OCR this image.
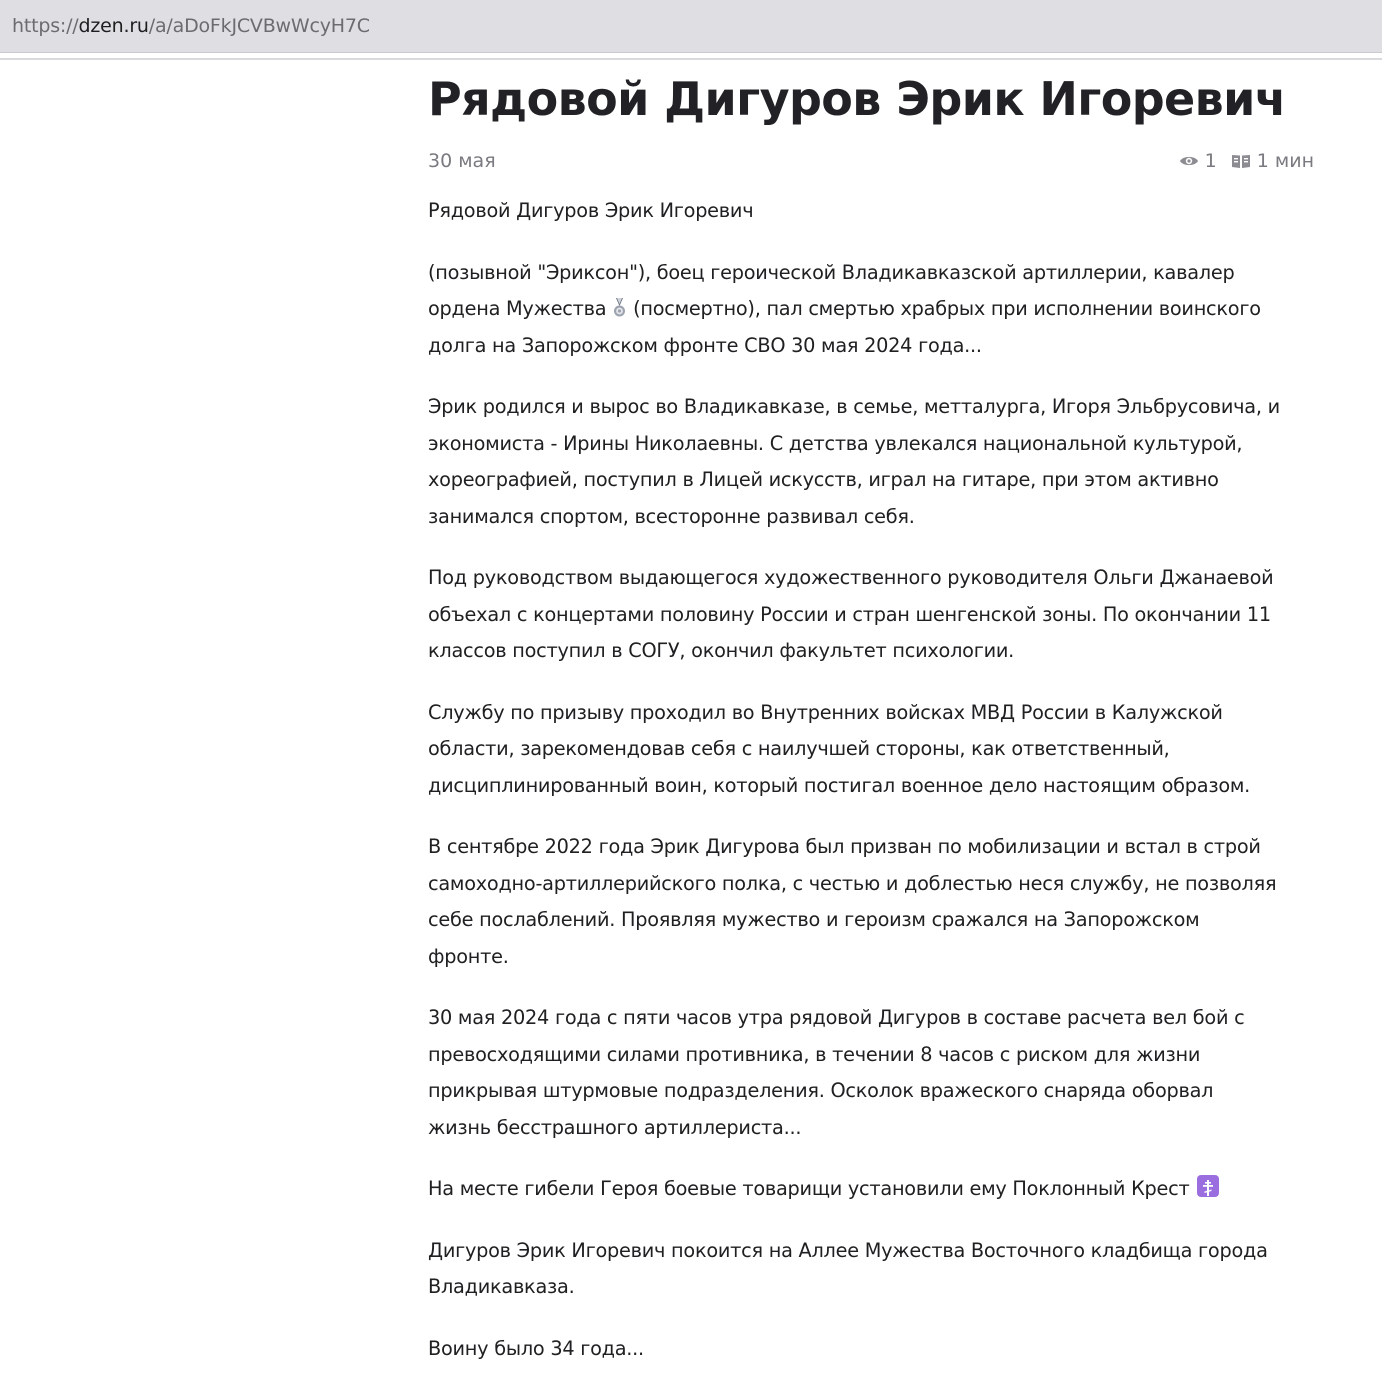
https://dzen.ru/a/aDoFkJCVBwWcyH7C
Рядовой Дигуров Эрик Игоревич
30 мая	1 1 мин

Рядовой Дигуров Эрик Игоревич

(позывной "Эриксон"), боец героической Владикавказской артиллерии, кавалер
ордена Мужества (посмертно), пал смертью храбрых при исполнении воинского
долга на Запорожском фронте СВО 30 мая 2024 года...

Эрик родился и вырос во Владикавказе, в семье, метталурга, Игоря Эльбрусовича, и
экономиста - Ирины Николаевны. С детства увлекался национальной культурой,
хореографией, поступил в Лицей искусств, играл на гитаре, при этом активно
занимался спортом, всесторонне развивал себя.

Под руководством выдающегося художественного руководителя Ольги Джанаевой
объехал с концертами половину России и стран шенгенской зоны. По окончании 11
классов поступил в СОГУ, окончил факультет психологии.

Службу по призыву проходил во Внутренних войсках МВД России в Калужской
области, зарекомендовав себя с наилучшей стороны, как ответственный,
дисциплинированный воин, который постигал военное дело настоящим образом.

В сентябре 2022 года Эрик Дигурова был призван по мобилизации и встал в строй
самоходно-артиллерийского полка, с честью и доблестью неся службу, не позволяя
себе послаблений. Проявляя мужество и героизм сражался на Запорожском
фронте.

30 мая 2024 года с пяти часов утра рядовой Дигуров в составе расчета вел бой с
превосходящими силами противника, в течении 8 часов с риском для жизни
прикрывая штурмовые подразделения. Осколок вражеского снаряда оборвал
жизнь бесстрашного артиллериста...

На месте гибели Героя боевые товарищи установили ему Поклонный Крест

Дигуров Эрик Игоревич покоится на Аллее Мужества Восточного кладбища города
Владикавказа.

Воину было 34 года...
